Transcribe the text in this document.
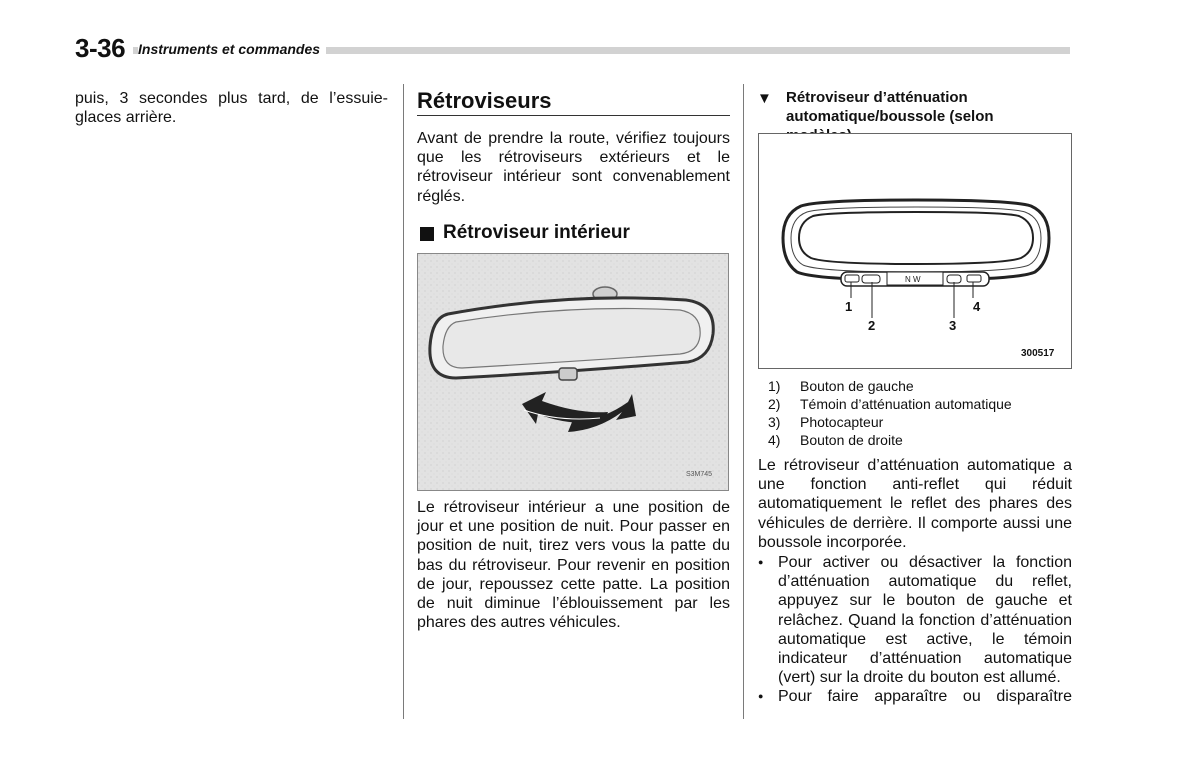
3-36 Instruments et commandes
puis, 3 secondes plus tard, de l’essuie-glaces arrière.
Rétroviseurs
Avant de prendre la route, vérifiez toujours que les rétroviseurs extérieurs et le rétroviseur intérieur sont convenablement réglés.
Rétroviseur intérieur
S3M745
Le rétroviseur intérieur a une position de jour et une position de nuit. Pour passer en position de nuit, tirez vers vous la patte du bas du rétroviseur. Pour revenir en position de jour, repoussez cette patte. La position de nuit diminue l’éblouissement par les phares des autres véhicules.
▼ Rétroviseur d’atténuation automatique/boussole (selon
N W
1
2	3
4
300517
1)	Bouton de gauche
2)	Témoin d’atténuation automatique
3)	Photocapteur
4)	Bouton de droite
Le rétroviseur d’atténuation automatique a une fonction anti-reflet qui réduit automatiquement le reflet des phares des véhicules de derrière. Il comporte aussi une boussole incorporée.
● Pour activer ou désactiver la fonction d’atténuation automatique du reflet, appuyez sur le bouton de gauche et relâchez. Quand la fonction d’atténuation automatique est active, le témoin indicateur d’atténuation automatique (vert) sur la droite du bouton est allumé.
● Pour faire apparaître ou disparaître
